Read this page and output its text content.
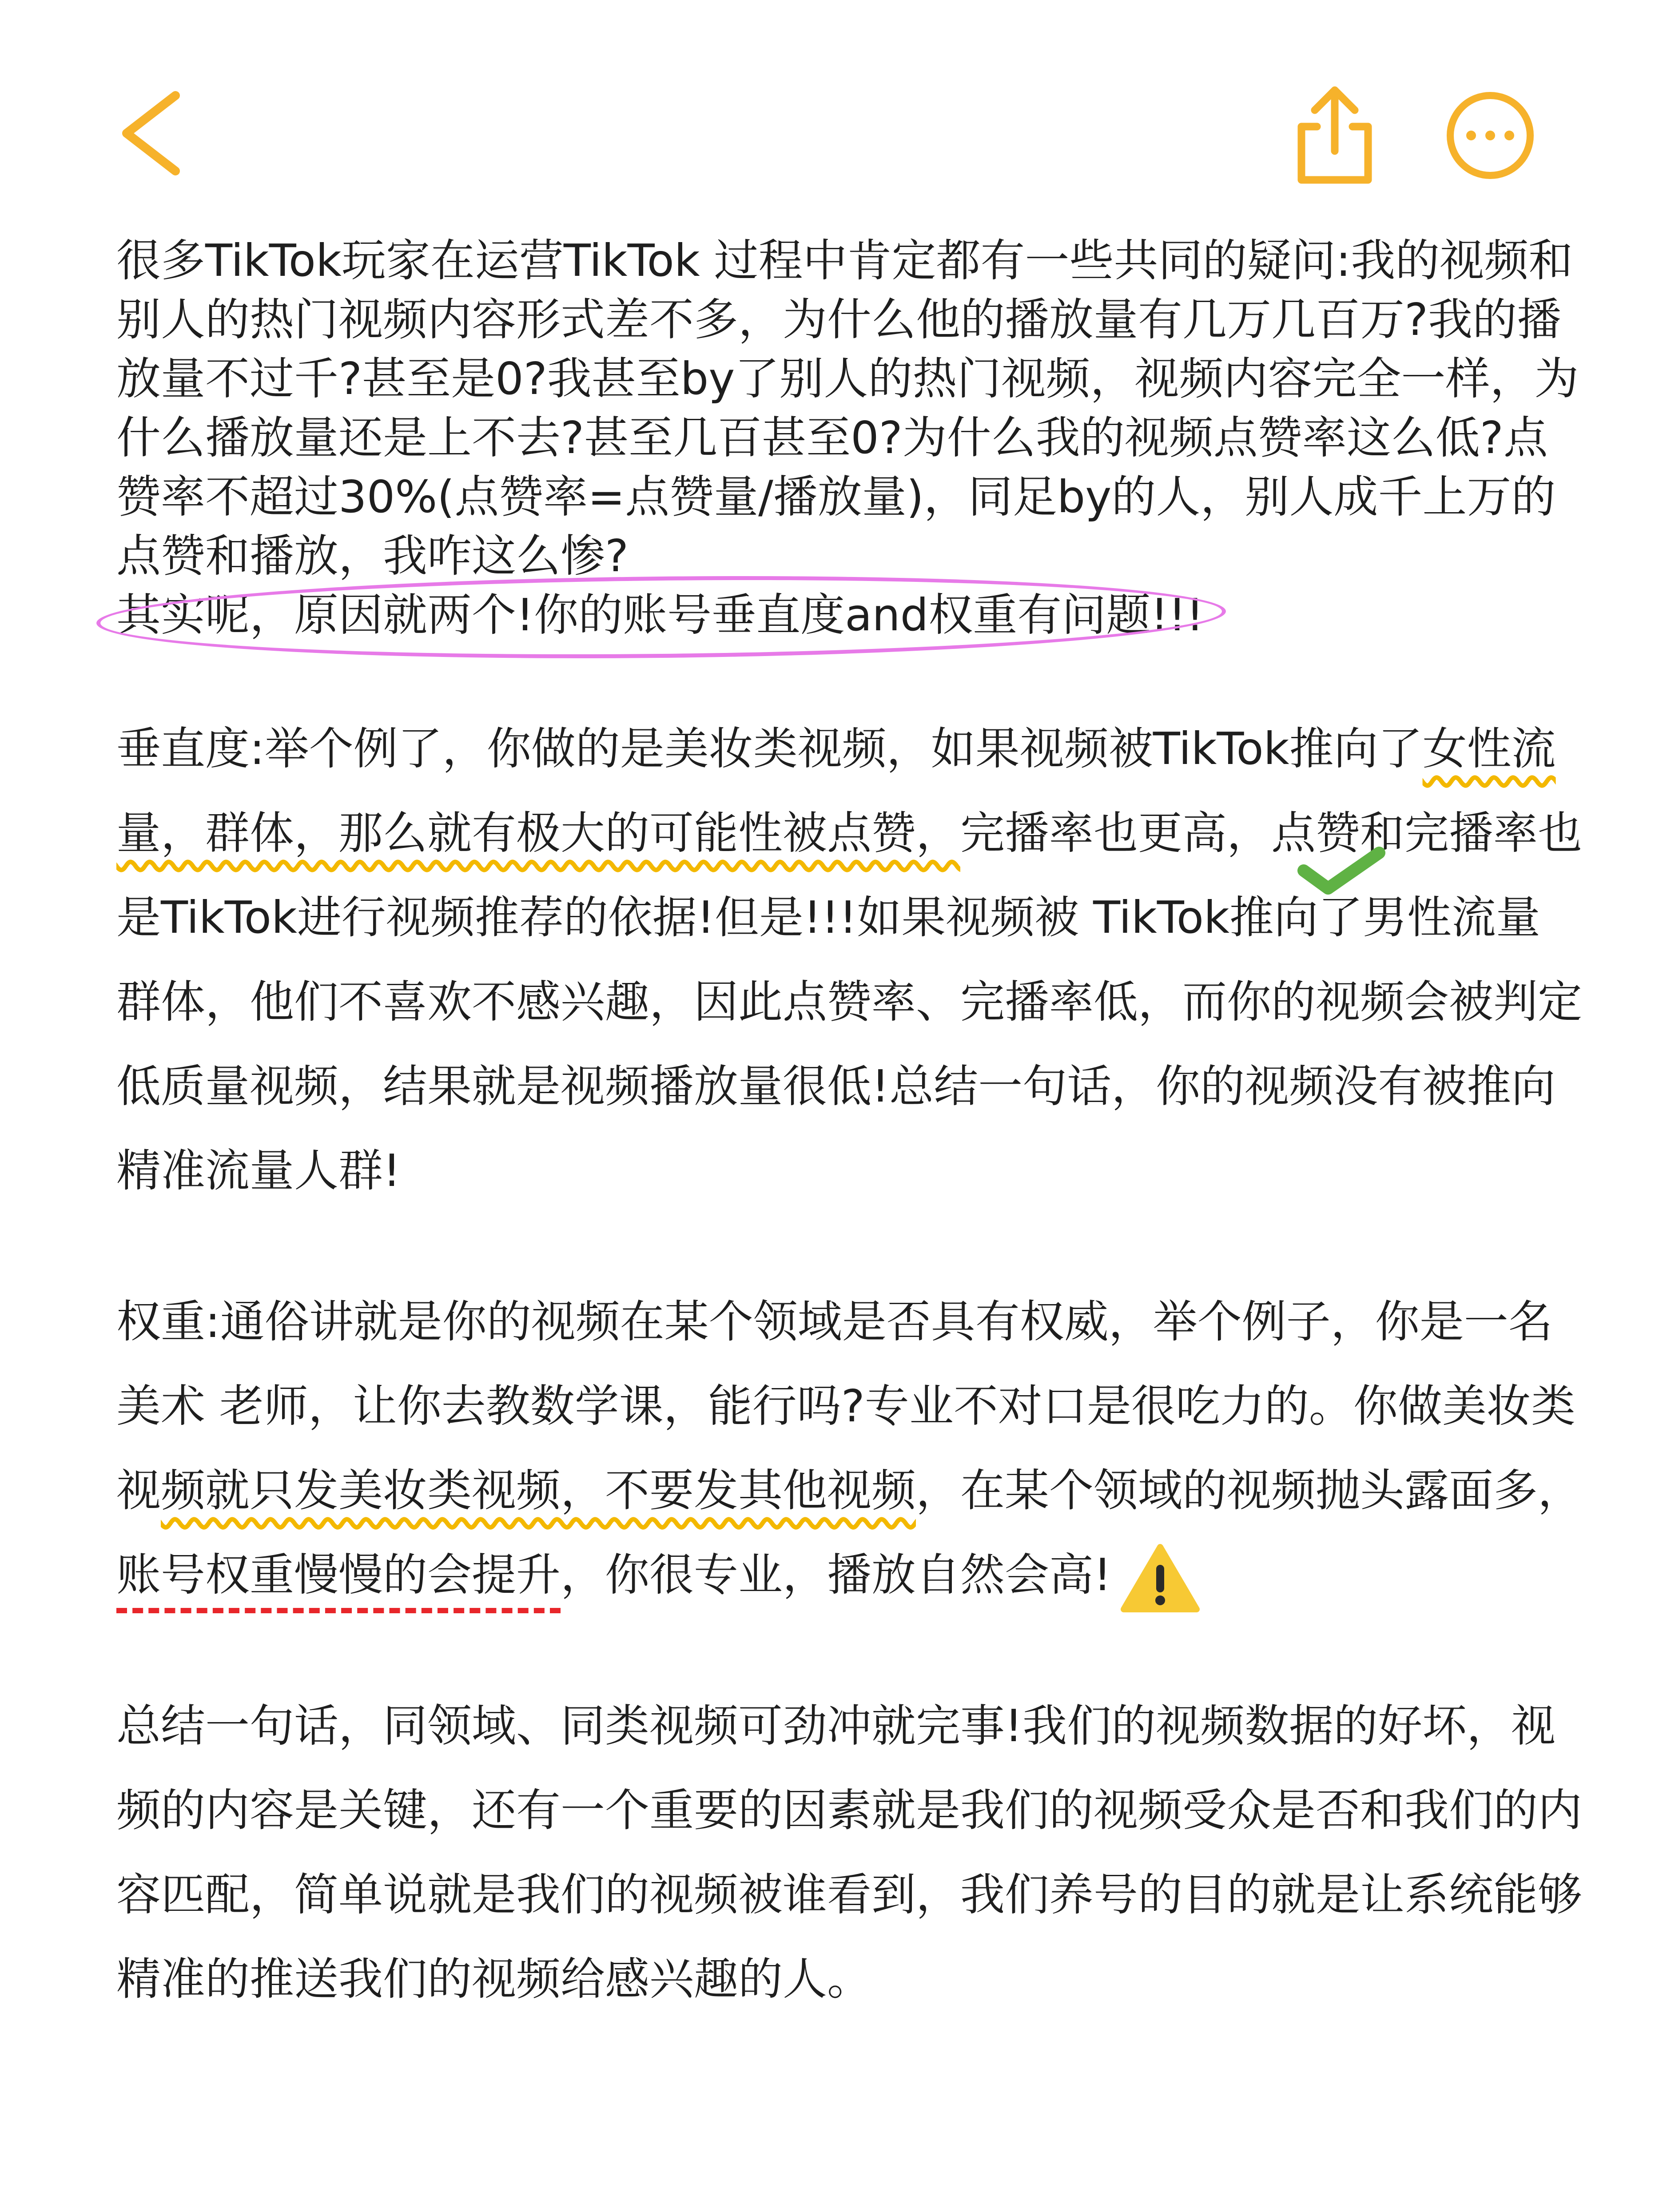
很多TikTok玩家在运营TikTok 过程中肯定都有一些共同的疑问:我的视频和别人的热门视频内容形式差不多，为什么他的播放量有几万几百万?我的播放量不过千?甚至是0?我甚至by了别人的热门视频，视频内容完全一样，为什么播放量还是上不去?甚至几百甚至0?为什么我的视频点赞率这么低?点赞率不超过30%(点赞率=点赞量/播放量)，同足by的人，别人成千上万的点赞和播放，我咋这么惨?
其实呢，原因就两个!你的账号垂直度and权重有问题!!!

垂直度:举个例了，你做的是美妆类视频，如果视频被TikTok推向了女性流量，群体，那么就有极大的可能性被点赞，完播率也更高，点赞和完播率也是TikTok进行视频推荐的依据!但是!!!如果视频被 TikTok推向了男性流量群体，他们不喜欢不感兴趣，因此点赞率、完播率低，而你的视频会被判定低质量视频，结果就是视频播放量很低!总结一句话，你的视频没有被推向精准流量人群!

权重:通俗讲就是你的视频在某个领域是否具有权威，举个例子，你是一名美术 老师，让你去教数学课，能行吗?专业不对口是很吃力的。你做美妆类视频就只发美妆类视频，不要发其他视频，在某个领域的视频抛头露面多，账号权重慢慢的会提升，你很专业，播放自然会高!

总结一句话，同领域、同类视频可劲冲就完事!我们的视频数据的好坏，视频的内容是关键，还有一个重要的因素就是我们的视频受众是否和我们的内容匹配，简单说就是我们的视频被谁看到，我们养号的目的就是让系统能够精准的推送我们的视频给感兴趣的人。
